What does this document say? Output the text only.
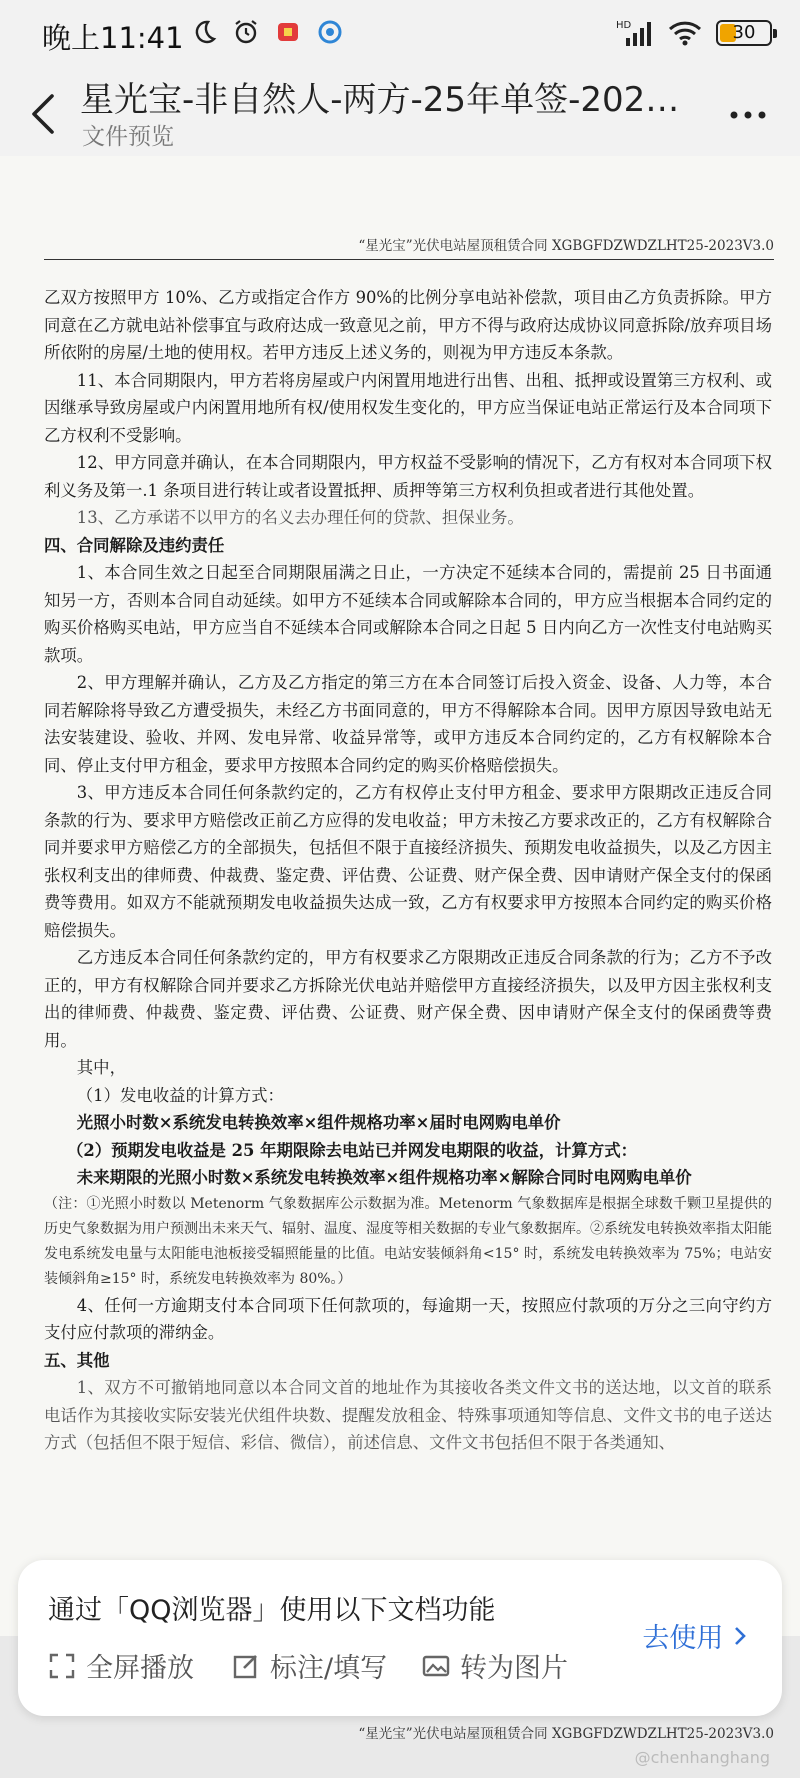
晚上11:41	HD	30
星光宝-非自然人-两方-25年单签-202…
文件预览
“星光宝”光伏电站屋顶租赁合同 XGBGFDZWDZLHT25-2023V3.0

乙双方按照甲方 10%、乙方或指定合作方 90%的比例分享电站补偿款，项目由乙方负责拆除。甲方同意在乙方就电站补偿事宜与政府达成一致意见之前，甲方不得与政府达成协议同意拆除/放弃项目场所依附的房屋/土地的使用权。若甲方违反上述义务的，则视为甲方违反本条款。

11、本合同期限内，甲方若将房屋或户内闲置用地进行出售、出租、抵押或设置第三方权利、或因继承导致房屋或户内闲置用地所有权/使用权发生变化的，甲方应当保证电站正常运行及本合同项下乙方权利不受影响。

12、甲方同意并确认，在本合同期限内，甲方权益不受影响的情况下，乙方有权对本合同项下权利义务及第一.1 条项目进行转让或者设置抵押、质押等第三方权利负担或者进行其他处置。

13、乙方承诺不以甲方的名义去办理任何的贷款、担保业务。

四、合同解除及违约责任

1、本合同生效之日起至合同期限届满之日止，一方决定不延续本合同的，需提前 25 日书面通知另一方，否则本合同自动延续。如甲方不延续本合同或解除本合同的，甲方应当根据本合同约定的购买价格购买电站，甲方应当自不延续本合同或解除本合同之日起 5 日内向乙方一次性支付电站购买款项。

2、甲方理解并确认，乙方及乙方指定的第三方在本合同签订后投入资金、设备、人力等，本合同若解除将导致乙方遭受损失，未经乙方书面同意的，甲方不得解除本合同。因甲方原因导致电站无法安装建设、验收、并网、发电异常、收益异常等，或甲方违反本合同约定的，乙方有权解除本合同、停止支付甲方租金，要求甲方按照本合同约定的购买价格赔偿损失。

3、甲方违反本合同任何条款约定的，乙方有权停止支付甲方租金、要求甲方限期改正违反合同条款的行为、要求甲方赔偿改正前乙方应得的发电收益；甲方未按乙方要求改正的，乙方有权解除合同并要求甲方赔偿乙方的全部损失，包括但不限于直接经济损失、预期发电收益损失，以及乙方因主张权利支出的律师费、仲裁费、鉴定费、评估费、公证费、财产保全费、因申请财产保全支付的保函费等费用。如双方不能就预期发电收益损失达成一致，乙方有权要求甲方按照本合同约定的购买价格赔偿损失。

乙方违反本合同任何条款约定的，甲方有权要求乙方限期改正违反合同条款的行为；乙方不予改正的，甲方有权解除合同并要求乙方拆除光伏电站并赔偿甲方直接经济损失，以及甲方因主张权利支出的律师费、仲裁费、鉴定费、评估费、公证费、财产保全费、因申请财产保全支付的保函费等费用。

其中，

（1）发电收益的计算方式：

光照小时数×系统发电转换效率×组件规格功率×届时电网购电单价

（2）预期发电收益是 25 年期限除去电站已并网发电期限的收益，计算方式：

未来期限的光照小时数×系统发电转换效率×组件规格功率×解除合同时电网购电单价

（注：①光照小时数以 Metenorm 气象数据库公示数据为准。Metenorm 气象数据库是根据全球数千颗卫星提供的历史气象数据为用户预测出未来天气、辐射、温度、湿度等相关数据的专业气象数据库。②系统发电转换效率指太阳能发电系统发电量与太阳能电池板接受辐照能量的比值。电站安装倾斜角<15° 时，系统发电转换效率为 75%；电站安装倾斜角≥15° 时，系统发电转换效率为 80%。）

4、任何一方逾期支付本合同项下任何款项的，每逾期一天，按照应付款项的万分之三向守约方支付应付款项的滞纳金。

五、其他

1、双方不可撤销地同意以本合同文首的地址作为其接收各类文件文书的送达地，以文首的联系电话作为其接收实际安装光伏组件块数、提醒发放租金、特殊事项通知等信息、文件文书的电子送达方式（包括但不限于短信、彩信、微信），前述信息、文件文书包括但不限于各类通知、

通过「QQ浏览器」使用以下文档功能
全屏播放	标注/填写	转为图片
去使用
“星光宝”光伏电站屋顶租赁合同 XGBGFDZWDZLHT25-2023V3.0
@chenhanghang
